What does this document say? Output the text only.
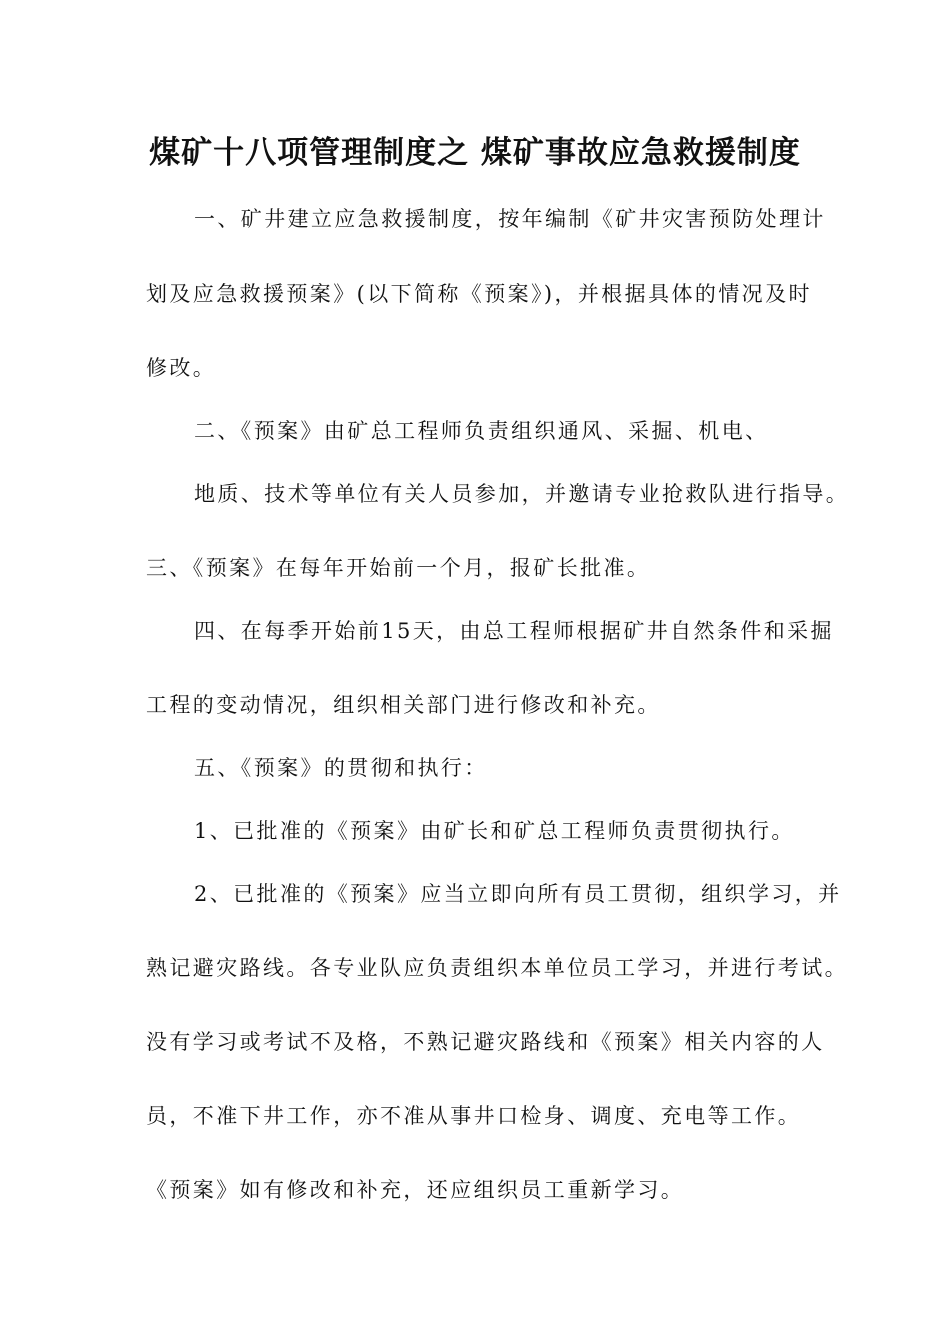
煤矿十八项管理制度之 煤矿事故应急救援制度

一、矿井建立应急救援制度，按年编制《矿井灾害预防处理计

划及应急救援预案》(以下简称《预案》)，并根据具体的情况及时

修改。

二、《预案》由矿总工程师负责组织通风、采掘、机电、

地质、技术等单位有关人员参加，并邀请专业抢救队进行指导。

三、《预案》在每年开始前一个月，报矿长批准。

四、在每季开始前15天，由总工程师根据矿井自然条件和采掘

工程的变动情况，组织相关部门进行修改和补充。

五、《预案》的贯彻和执行：

1、已批准的《预案》由矿长和矿总工程师负责贯彻执行。

2、已批准的《预案》应当立即向所有员工贯彻，组织学习，并

熟记避灾路线。各专业队应负责组织本单位员工学习，并进行考试。

没有学习或考试不及格，不熟记避灾路线和《预案》相关内容的人

员，不准下井工作，亦不准从事井口检身、调度、充电等工作。

《预案》如有修改和补充，还应组织员工重新学习。
